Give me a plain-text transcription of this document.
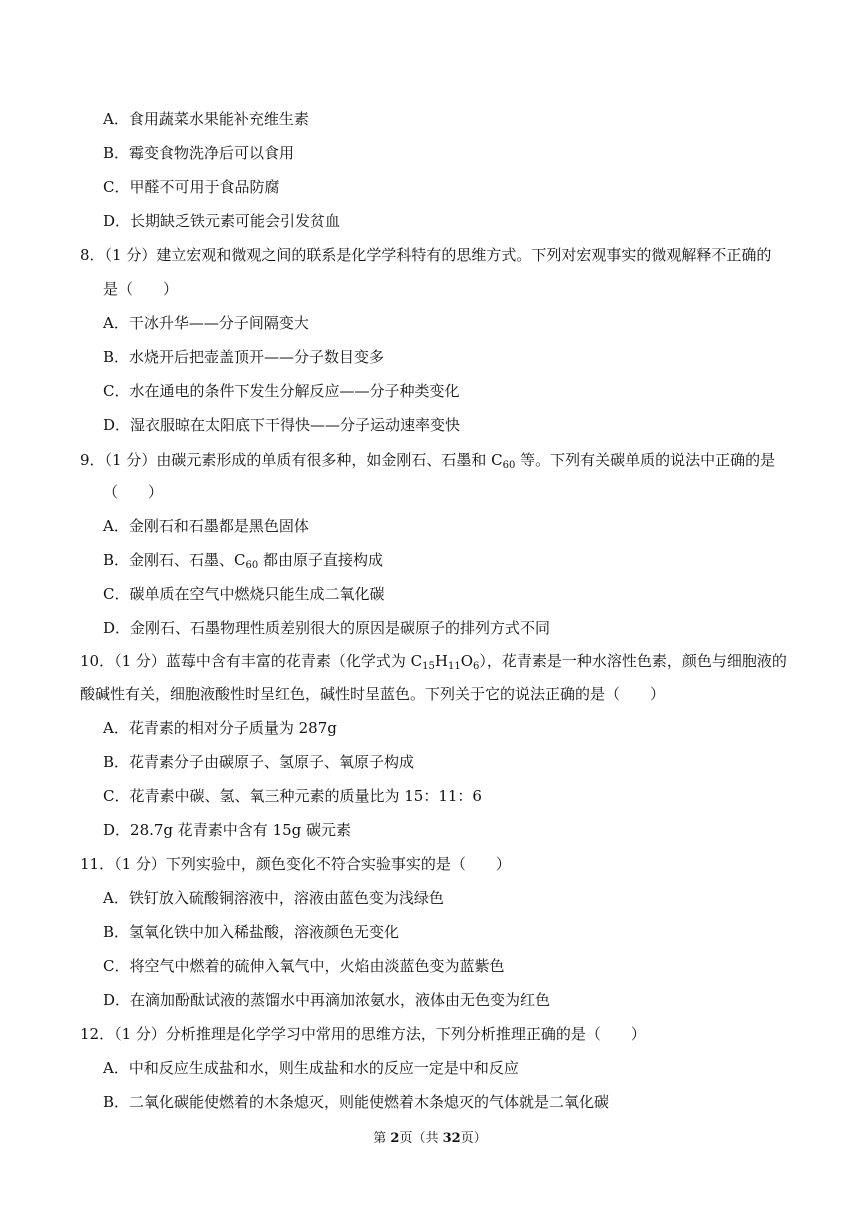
A．食用蔬菜水果能补充维生素
B．霉变食物洗净后可以食用
C．甲醛不可用于食品防腐
D．长期缺乏铁元素可能会引发贫血
8．（1 分）建立宏观和微观之间的联系是化学学科特有的思维方式。下列对宏观事实的微观解释不正确的
是（　　）
A．干冰升华——分子间隔变大
B．水烧开后把壶盖顶开——分子数目变多
C．水在通电的条件下发生分解反应——分子种类变化
D．湿衣服晾在太阳底下干得快——分子运动速率变快
9．（1 分）由碳元素形成的单质有很多种，如金刚石、石墨和 $C_{60}$ 等。下列有关碳单质的说法中正确的是
（　　）
A．金刚石和石墨都是黑色固体
B．金刚石、石墨、$C_{60}$ 都由原子直接构成
C．碳单质在空气中燃烧只能生成二氧化碳
D．金刚石、石墨物理性质差别很大的原因是碳原子的排列方式不同
10．（1 分）蓝莓中含有丰富的花青素（化学式为 $C_{15}H_{11}O_6$），花青素是一种水溶性色素，颜色与细胞液的
酸碱性有关，细胞液酸性时呈红色，碱性时呈蓝色。下列关于它的说法正确的是（　　）
A．花青素的相对分子质量为 287g
B．花青素分子由碳原子、氢原子、氧原子构成
C．花青素中碳、氢、氧三种元素的质量比为 15：11：6
D．28.7g 花青素中含有 15g 碳元素
11．（1 分）下列实验中，颜色变化不符合实验事实的是（　　）
A．铁钉放入硫酸铜溶液中，溶液由蓝色变为浅绿色
B．氢氧化铁中加入稀盐酸，溶液颜色无变化
C．将空气中燃着的硫伸入氧气中，火焰由淡蓝色变为蓝紫色
D．在滴加酚酞试液的蒸馏水中再滴加浓氨水，液体由无色变为红色
12．（1 分）分析推理是化学学习中常用的思维方法，下列分析推理正确的是（　　）
A．中和反应生成盐和水，则生成盐和水的反应一定是中和反应
B．二氧化碳能使燃着的木条熄灭，则能使燃着木条熄灭的气体就是二氧化碳
第 2页（共 32页）
